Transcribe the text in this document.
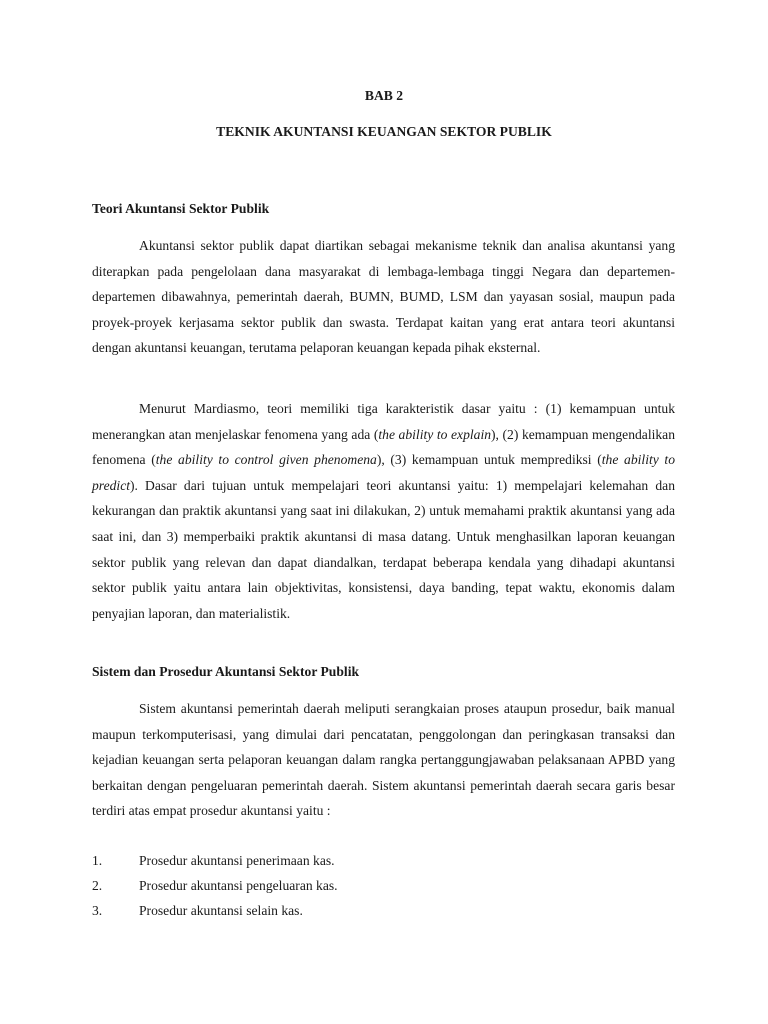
BAB 2

TEKNIK AKUNTANSI KEUANGAN SEKTOR PUBLIK

Teori Akuntansi Sektor Publik

Akuntansi sektor publik dapat diartikan sebagai mekanisme teknik dan analisa akuntansi yang diterapkan pada pengelolaan dana masyarakat di lembaga-lembaga tinggi Negara dan departemen-departemen dibawahnya, pemerintah daerah, BUMN, BUMD, LSM dan yayasan sosial, maupun pada proyek-proyek kerjasama sektor publik dan swasta. Terdapat kaitan yang erat antara teori akuntansi dengan akuntansi keuangan, terutama pelaporan keuangan kepada pihak eksternal.

Menurut Mardiasmo, teori memiliki tiga karakteristik dasar yaitu : (1) kemampuan untuk menerangkan atan menjelaskar fenomena yang ada (the ability to explain), (2) kemampuan mengendalikan fenomena (the ability to control given phenomena), (3) kemampuan untuk memprediksi (the ability to predict). Dasar dari tujuan untuk mempelajari teori akuntansi yaitu: 1) mempelajari kelemahan dan kekurangan dan praktik akuntansi yang saat ini dilakukan, 2) untuk memahami praktik akuntansi yang ada saat ini, dan 3) memperbaiki praktik akuntansi di masa datang. Untuk menghasilkan laporan keuangan sektor publik yang relevan dan dapat diandalkan, terdapat beberapa kendala yang dihadapi akuntansi sektor publik yaitu antara lain objektivitas, konsistensi, daya banding, tepat waktu, ekonomis dalam penyajian laporan, dan materialistik.

Sistem dan Prosedur Akuntansi Sektor Publik

Sistem akuntansi pemerintah daerah meliputi serangkaian proses ataupun prosedur, baik manual maupun terkomputerisasi, yang dimulai dari pencatatan, penggolongan dan peringkasan transaksi dan kejadian keuangan serta pelaporan keuangan dalam rangka pertanggungjawaban pelaksanaan APBD yang berkaitan dengan pengeluaran pemerintah daerah. Sistem akuntansi pemerintah daerah secara garis besar terdiri atas empat prosedur akuntansi yaitu :

1.	Prosedur akuntansi penerimaan kas.

2.	Prosedur akuntansi pengeluaran kas.

3.	Prosedur akuntansi selain kas.
